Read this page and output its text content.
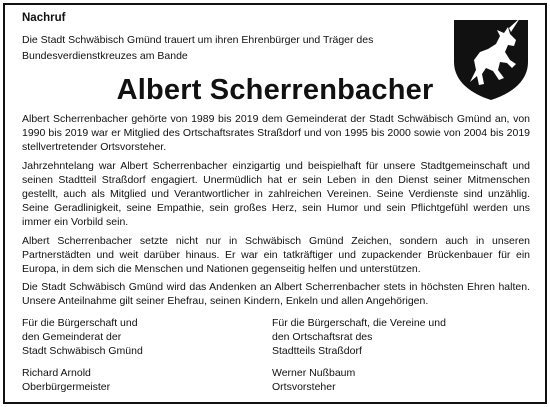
Nachruf
Die Stadt Schwäbisch Gmünd trauert um ihren Ehrenbürger und Träger des Bundesverdienstkreuzes am Bande
Albert Scherrenbacher

Albert Scherrenbacher gehörte von 1989 bis 2019 dem Gemeinderat der Stadt Schwäbisch Gmünd an, von 1990 bis 2019 war er Mitglied des Ortschaftsrates Straßdorf und von 1995 bis 2000 sowie von 2004 bis 2019 stellvertretender Ortsvorsteher.

Jahrzehntelang war Albert Scherrenbacher einzigartig und beispielhaft für unsere Stadtgemeinschaft und seinen Stadtteil Straßdorf engagiert. Unermüdlich hat er sein Leben in den Dienst seiner Mitmenschen gestellt, auch als Mitglied und Verantwortlicher in zahlreichen Vereinen. Seine Verdienste sind unzählig. Seine Geradlinigkeit, seine Empathie, sein großes Herz, sein Humor und sein Pflichtgefühl werden uns immer ein Vorbild sein.

Albert Scherrenbacher setzte nicht nur in Schwäbisch Gmünd Zeichen, sondern auch in unseren Partnerstädten und weit darüber hinaus. Er war ein tatkräftiger und zupackender Brückenbauer für ein Europa, in dem sich die Menschen und Nationen gegenseitig helfen und unterstützen.

Die Stadt Schwäbisch Gmünd wird das Andenken an Albert Scherrenbacher stets in höchsten Ehren halten. Unsere Anteilnahme gilt seiner Ehefrau, seinen Kindern, Enkeln und allen Angehörigen.

Für die Bürgerschaft und
den Gemeinderat der
Stadt Schwäbisch Gmünd
Richard Arnold
Oberbürgermeister
Für die Bürgerschaft, die Vereine und
den Ortschaftsrat des
Stadtteils Straßdorf
Werner Nußbaum
Ortsvorsteher
